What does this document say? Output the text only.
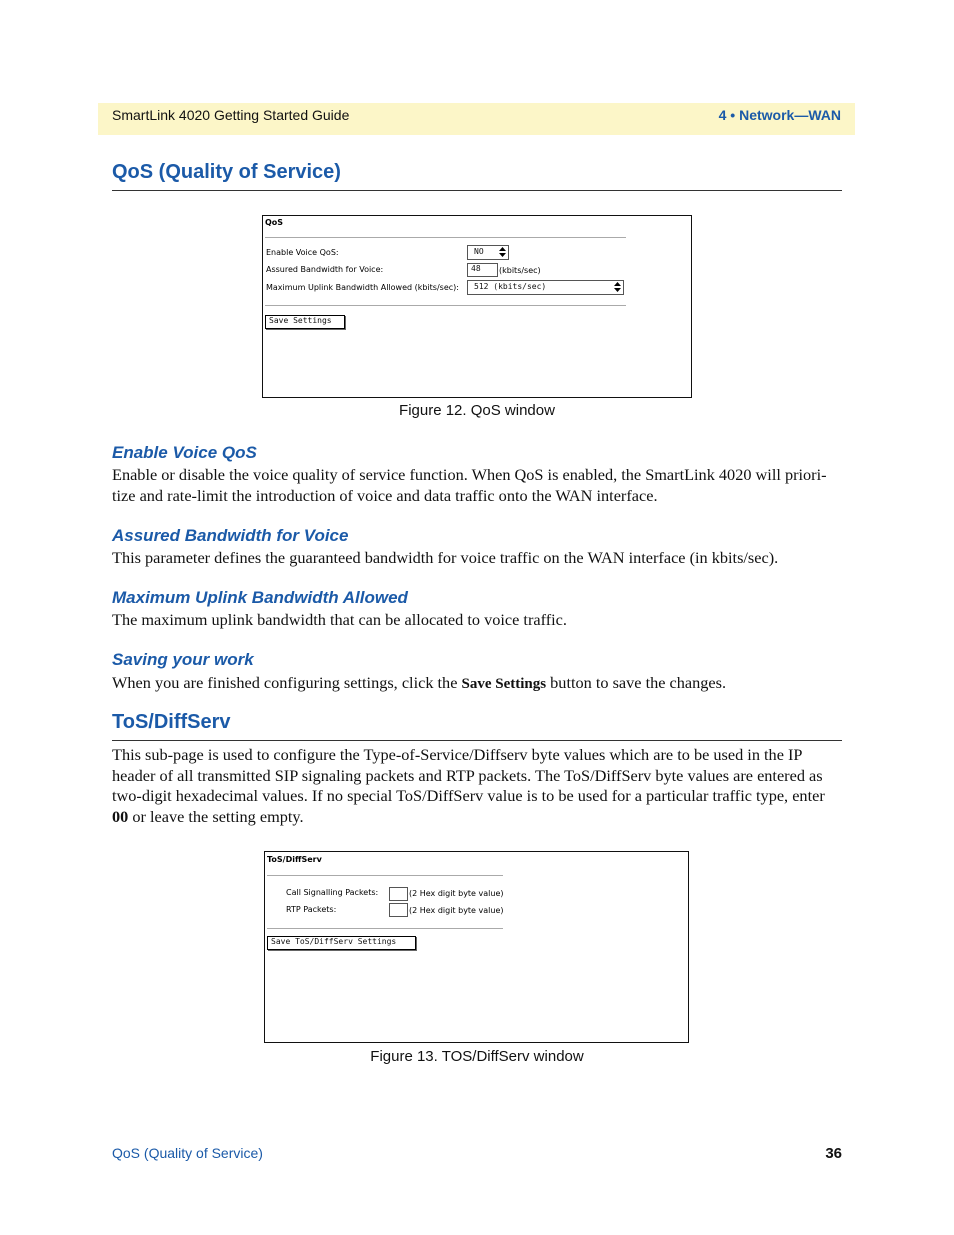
SmartLink 4020 Getting Started Guide	4 • Network—WAN
QoS (Quality of Service)
QoS
Enable Voice QoS:	NO
Assured Bandwidth for Voice:	48 (kbits/sec)
Maximum Uplink Bandwidth Allowed (kbits/sec): 512 (kbits/sec)
Save Settings
Figure 12. QoS window
Enable Voice QoS
Enable or disable the voice quality of service function. When QoS is enabled, the SmartLink 4020 will priori-tize and rate-limit the introduction of voice and data traffic onto the WAN interface.
Assured Bandwidth for Voice
This parameter defines the guaranteed bandwidth for voice traffic on the WAN interface (in kbits/sec).
Maximum Uplink Bandwidth Allowed
The maximum uplink bandwidth that can be allocated to voice traffic.
Saving your work
When you are finished configuring settings, click the Save Settings button to save the changes.
ToS/DiffServ
This sub-page is used to configure the Type-of-Service/Diffserv byte values which are to be used in the IP header of all transmitted SIP signaling packets and RTP packets. The ToS/DiffServ byte values are entered as two-digit hexadecimal values. If no special ToS/DiffServ value is to be used for a particular traffic type, enter 00 or leave the setting empty.
ToS/DiffServ
Call Signalling Packets:	(2 Hex digit byte value)
RTP Packets:	(2 Hex digit byte value)
Save ToS/DiffServ Settings
Figure 13. TOS/DiffServ window
QoS (Quality of Service)	36
